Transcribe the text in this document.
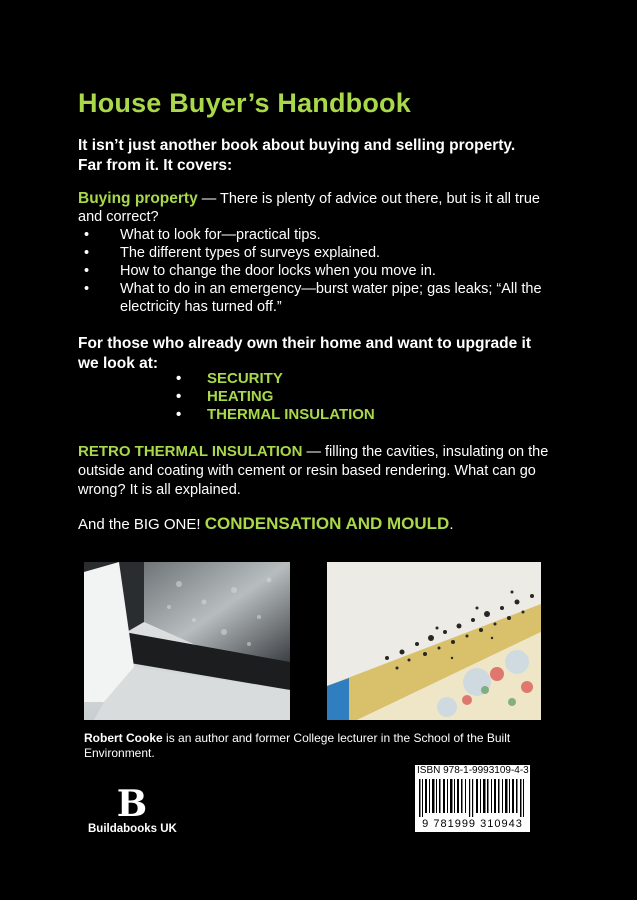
House Buyer’s Handbook
It isn’t just another book about buying and selling property.
Far from it. It covers:
Buying property — There is plenty of advice out there, but is it all true and correct?
• What to look for—practical tips.
• The different types of surveys explained.
• How to change the door locks when you move in.
• What to do in an emergency—burst water pipe; gas leaks; “All the electricity has turned off.”
For those who already own their home and want to upgrade it
we look at:
• SECURITY
• HEATING
• THERMAL INSULATION
RETRO THERMAL INSULATION — filling the cavities, insulating on the outside and coating with cement or resin based rendering. What can go wrong? It is all explained.
And the BIG ONE! CONDENSATION AND MOULD.
Robert Cooke is an author and former College lecturer in the School of the Built Environment.
B
Buildabooks UK
ISBN 978-1-9993109-4-3
9 781999 310943
